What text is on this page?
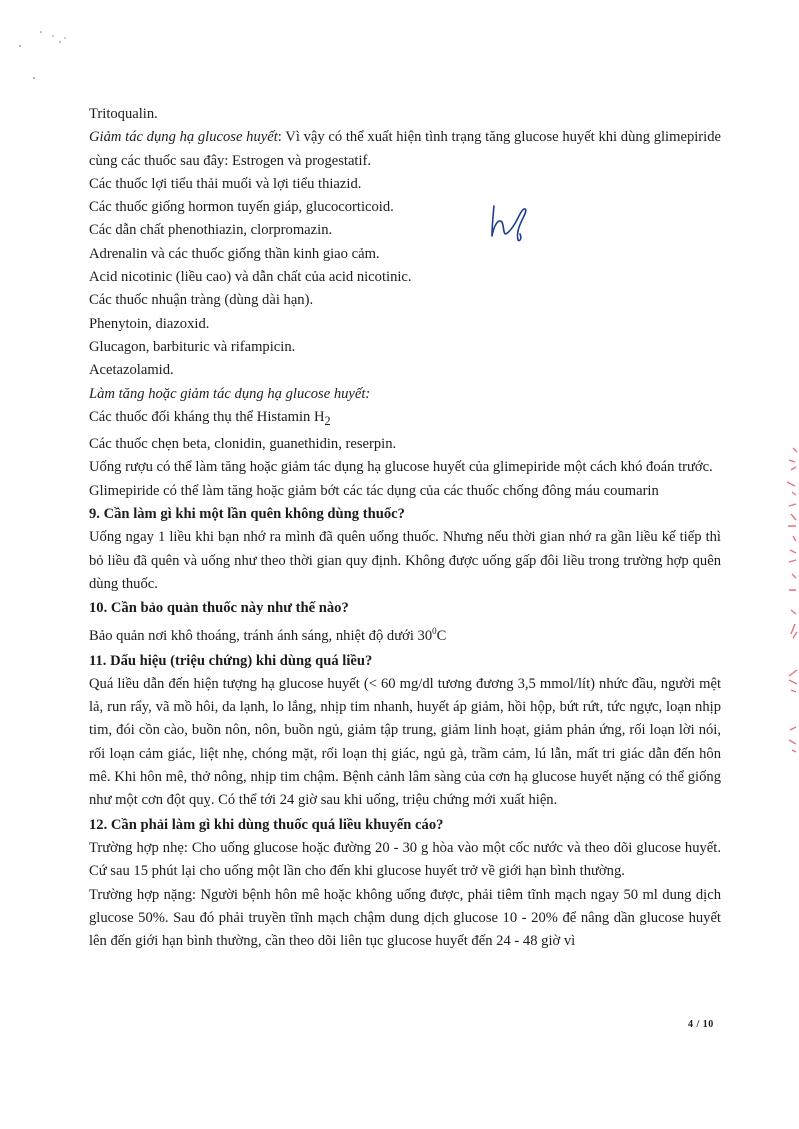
Tritoqualin.

Giảm tác dụng hạ glucose huyết: Vì vậy có thể xuất hiện tình trạng tăng glucose huyết khi dùng glimepiride cùng các thuốc sau đây: Estrogen và progestatif.

Các thuốc lợi tiểu thải muối và lợi tiểu thiazid.

Các thuốc giống hormon tuyến giáp, glucocorticoid.

Các dẫn chất phenothiazin, clorpromazin.

Adrenalin và các thuốc giống thần kinh giao cảm.

Acid nicotinic (liều cao) và dẫn chất của acid nicotinic.

Các thuốc nhuận tràng (dùng dài hạn).

Phenytoin, diazoxid.

Glucagon, barbituric và rifampicin.

Acetazolamid.

Làm tăng hoặc giảm tác dụng hạ glucose huyết:

Các thuốc đối kháng thụ thể Histamin $H_2$

Các thuốc chẹn beta, clonidin, guanethidin, reserpin.

Uống rượu có thể làm tăng hoặc giảm tác dụng hạ glucose huyết của glimepiride một cách khó đoán trước.

Glimepiride có thể làm tăng hoặc giảm bớt các tác dụng của các thuốc chống đông máu coumarin

9. Cần làm gì khi một lần quên không dùng thuốc?

Uống ngay 1 liều khi bạn nhớ ra mình đã quên uống thuốc. Nhưng nếu thời gian nhớ ra gần liều kế tiếp thì bỏ liều đã quên và uống như theo thời gian quy định. Không được uống gấp đôi liều trong trường hợp quên dùng thuốc.

10. Cần bảo quản thuốc này như thế nào?

Bảo quản nơi khô thoáng, tránh ánh sáng, nhiệt độ dưới $30^0C$

11. Dấu hiệu (triệu chứng) khi dùng quá liều?

Quá liều dẫn đến hiện tượng hạ glucose huyết (< 60 mg/dl tương đương 3,5 mmol/lít) nhức đầu, người mệt lả, run rẩy, vã mồ hôi, da lạnh, lo lắng, nhịp tim nhanh, huyết áp giảm, hồi hộp, bứt rứt, tức ngực, loạn nhịp tim, đói cồn cào, buồn nôn, nôn, buồn ngủ, giảm tập trung, giảm linh hoạt, giảm phản ứng, rối loạn lời nói, rối loạn cảm giác, liệt nhẹ, chóng mặt, rối loạn thị giác, ngủ gà, trầm cảm, lú lẫn, mất tri giác dẫn đến hôn mê. Khi hôn mê, thở nông, nhịp tim chậm. Bệnh cảnh lâm sàng của cơn hạ glucose huyết nặng có thể giống như một cơn đột quỵ. Có thể tới 24 giờ sau khi uống, triệu chứng mới xuất hiện.

12. Cần phải làm gì khi dùng thuốc quá liều khuyến cáo?

Trường hợp nhẹ: Cho uống glucose hoặc đường 20 - 30 g hòa vào một cốc nước và theo dõi glucose huyết. Cứ sau 15 phút lại cho uống một lần cho đến khi glucose huyết trở về giới hạn bình thường.

Trường hợp nặng: Người bệnh hôn mê hoặc không uống được, phải tiêm tĩnh mạch ngay 50 ml dung dịch glucose 50%. Sau đó phải truyền tĩnh mạch chậm dung dịch glucose 10 - 20% để nâng dần glucose huyết lên đến giới hạn bình thường, cần theo dõi liên tục glucose huyết đến 24 - 48 giờ vì

4 / 10
